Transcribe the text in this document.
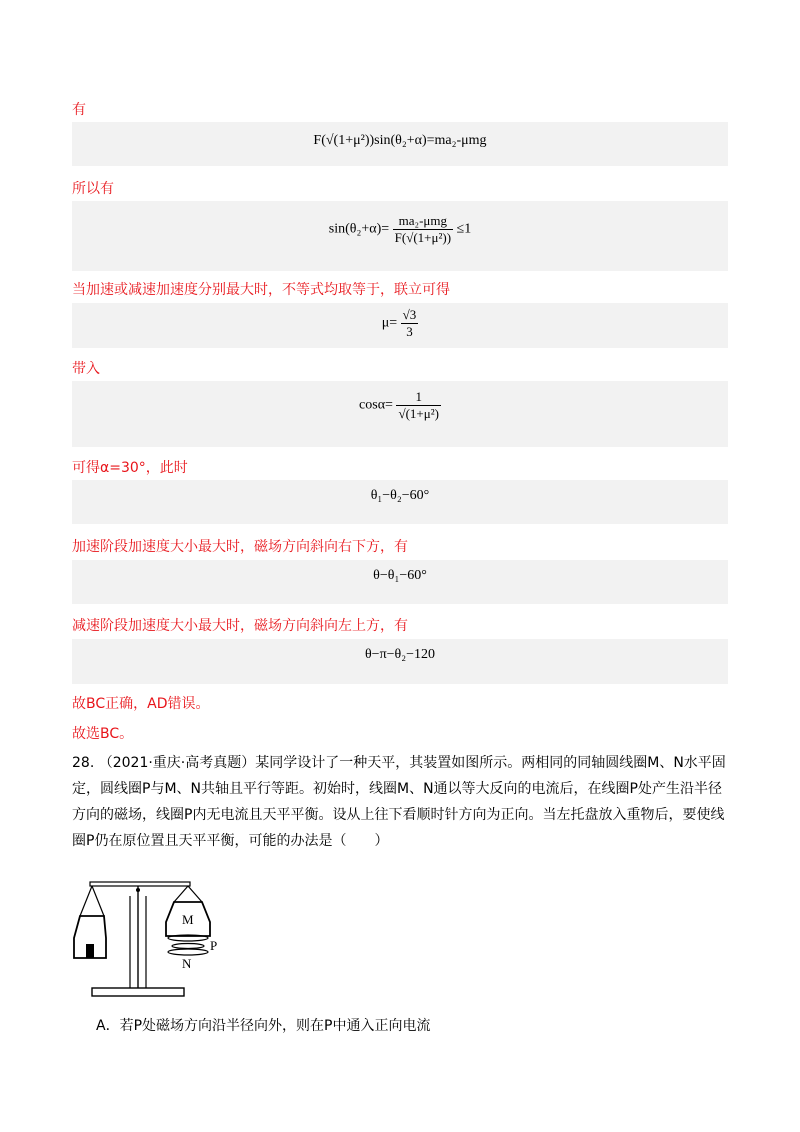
有
F(√(1+μ²))sin(θ₂+α)=ma₂-μmg
所以有
$\sin(\theta_2+\alpha)= \frac{\text{ma₂-μmg}}{\text{F(√(1+μ²))}} \le 1$
当加速或减速加速度分别最大时，不等式均取等于，联立可得
$\mu= \frac{√3}{3}$
带入
$\cos\alpha= \frac{1}{\text{√(1+μ²)}}$
可得α=30°，此时
θ₁−θ₂−60°
加速阶段加速度大小最大时，磁场方向斜向右下方，有
θ−θ₁−60°
减速阶段加速度大小最大时，磁场方向斜向左上方，有
θ−π−θ₂−120
故BC正确，AD错误。
故选BC。
28. （2021·重庆·高考真题）某同学设计了一种天平，其装置如图所示。两相同的同轴圆线圈M、N水平固定，圆线圈P与M、N共轴且平行等距。初始时，线圈M、N通以等大反向的电流后，在线圈P处产生沿半径方向的磁场，线圈P内无电流且天平平衡。设从上往下看顺时针方向为正向。当左托盘放入重物后，要使线圈P仍在原位置且天平平衡，可能的办法是（　　）
M
P
N
A．若P处磁场方向沿半径向外，则在P中通入正向电流
